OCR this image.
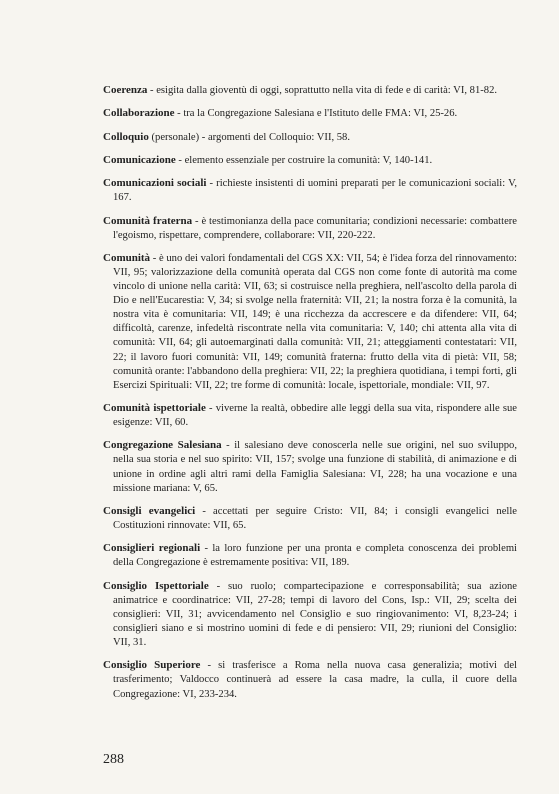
Coerenza - esigita dalla gioventù di oggi, soprattutto nella vita di fede e di carità: VI, 81-82.

Collaborazione - tra la Congregazione Salesiana e l'Istituto delle FMA: VI, 25-26.

Colloquio (personale) - argomenti del Colloquio: VII, 58.

Comunicazione - elemento essenziale per costruire la comunità: V, 140-141.

Comunicazioni sociali - richieste insistenti di uomini preparati per le comunicazioni sociali: V, 167.

Comunità fraterna - è testimonianza della pace comunitaria; condizioni necessarie: combattere l'egoismo, rispettare, comprendere, collaborare: VII, 220-222.

Comunità - è uno dei valori fondamentali del CGS XX: VII, 54; è l'idea forza del rinnovamento: VII, 95; valorizzazione della comunità operata dal CGS non come fonte di autorità ma come vincolo di unione nella carità: VII, 63; si costruisce nella preghiera, nell'ascolto della parola di Dio e nell'Eucarestia: V, 34; si svolge nella fraternità: VII, 21; la nostra forza è la comunità, la nostra vita è comunitaria: VII, 149; è una ricchezza da accrescere e da difendere: VII, 64; difficoltà, carenze, infedeltà riscontrate nella vita comunitaria: V, 140; chi attenta alla vita di comunità: VII, 64; gli autoemarginati dalla comunità: VII, 21; atteggiamenti contestatari: VII, 22; il lavoro fuori comunità: VII, 149; comunità fraterna: frutto della vita di pietà: VII, 58; comunità orante: l'abbandono della preghiera: VII, 22; la preghiera quotidiana, i tempi forti, gli Esercizi Spirituali: VII, 22; tre forme di comunità: locale, ispettoriale, mondiale: VII, 97.

Comunità ispettoriale - viverne la realtà, obbedire alle leggi della sua vita, rispondere alle sue esigenze: VII, 60.

Congregazione Salesiana - il salesiano deve conoscerla nelle sue origini, nel suo sviluppo, nella sua storia e nel suo spirito: VII, 157; svolge una funzione di stabilità, di animazione e di unione in ordine agli altri rami della Famiglia Salesiana: VI, 228; ha una vocazione e una missione mariana: V, 65.

Consigli evangelici - accettati per seguire Cristo: VII, 84; i consigli evangelici nelle Costituzioni rinnovate: VII, 65.

Consiglieri regionali - la loro funzione per una pronta e completa conoscenza dei problemi della Congregazione è estremamente positiva: VII, 189.

Consiglio Ispettoriale - suo ruolo; compartecipazione e corresponsabilità; sua azione animatrice e coordinatrice: VII, 27-28; tempi di lavoro del Cons, Isp.: VII, 29; scelta dei consiglieri: VII, 31; avvicendamento nel Consiglio e suo ringiovanimento: VI, 8,23-24; i consiglieri siano e si mostrino uomini di fede e di pensiero: VII, 29; riunioni del Consiglio: VII, 31.

Consiglio Superiore - si trasferisce a Roma nella nuova casa generalizia; motivi del trasferimento; Valdocco continuerà ad essere la casa madre, la culla, il cuore della Congregazione: VI, 233-234.

288
